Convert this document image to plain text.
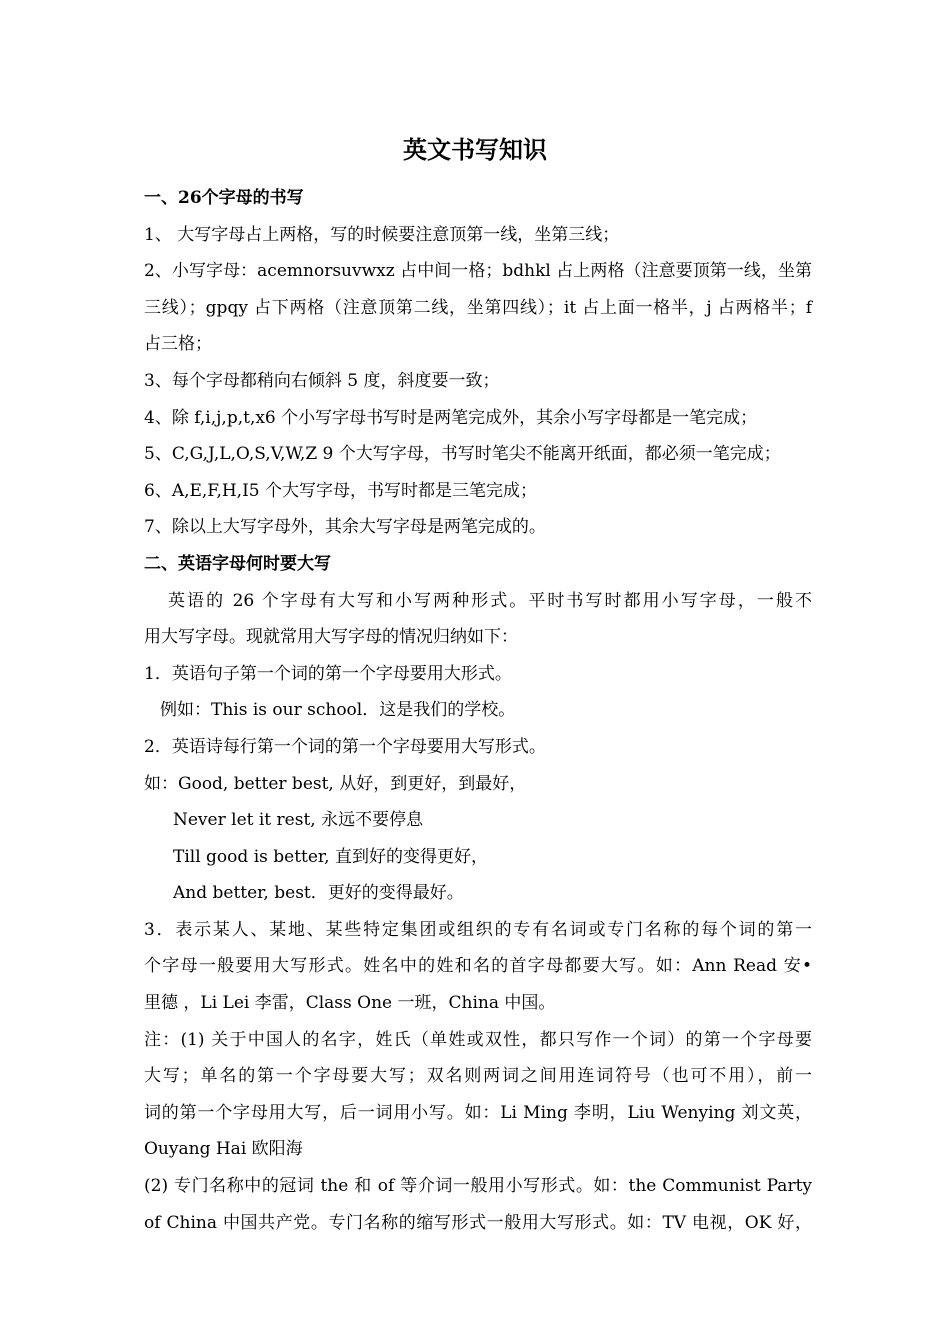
英文书写知识

一、26个字母的书写

1、 大写字母占上两格，写的时候要注意顶第一线，坐第三线；

2、小写字母：acemnorsuvwxz 占中间一格；bdhkl 占上两格（注意要顶第一线，坐第

三线）；gpqy 占下两格（注意顶第二线，坐第四线）；it 占上面一格半，j 占两格半；f

占三格；

3、每个字母都稍向右倾斜 5 度，斜度要一致；

4、除 f,i,j,p,t,x6 个小写字母书写时是两笔完成外，其余小写字母都是一笔完成；

5、C,G,J,L,O,S,V,W,Z 9 个大写字母，书写时笔尖不能离开纸面，都必须一笔完成；

6、A,E,F,H,I5 个大写字母，书写时都是三笔完成；

7、除以上大写字母外，其余大写字母是两笔完成的。

二、英语字母何时要大写

英语的 26 个字母有大写和小写两种形式。平时书写时都用小写字母，一般不

用大写字母。现就常用大写字母的情况归纳如下：

1．英语句子第一个词的第一个字母要用大形式。

例如：This is our school．这是我们的学校。

2．英语诗每行第一个词的第一个字母要用大写形式。

如：Good, better best, 从好，到更好，到最好，

Never let it rest, 永远不要停息

Till good is better, 直到好的变得更好，

And better, best．更好的变得最好。

3．表示某人、某地、某些特定集团或组织的专有名词或专门名称的每个词的第一

个字母一般要用大写形式。姓名中的姓和名的首字母都要大写。如：Ann Read 安•

里德 ，Li Lei 李雷，Class One 一班，China 中国。

注：(1) 关于中国人的名字，姓氏（单姓或双性，都只写作一个词）的第一个字母要

大写；单名的第一个字母要大写；双名则两词之间用连词符号（也可不用），前一

词的第一个字母用大写，后一词用小写。如：Li Ming 李明，Liu Wenying 刘文英，

Ouyang Hai 欧阳海

(2) 专门名称中的冠词 the 和 of 等介词一般用小写形式。如：the Communist Party

of China 中国共产党。专门名称的缩写形式一般用大写形式。如：TV 电视，OK 好，
